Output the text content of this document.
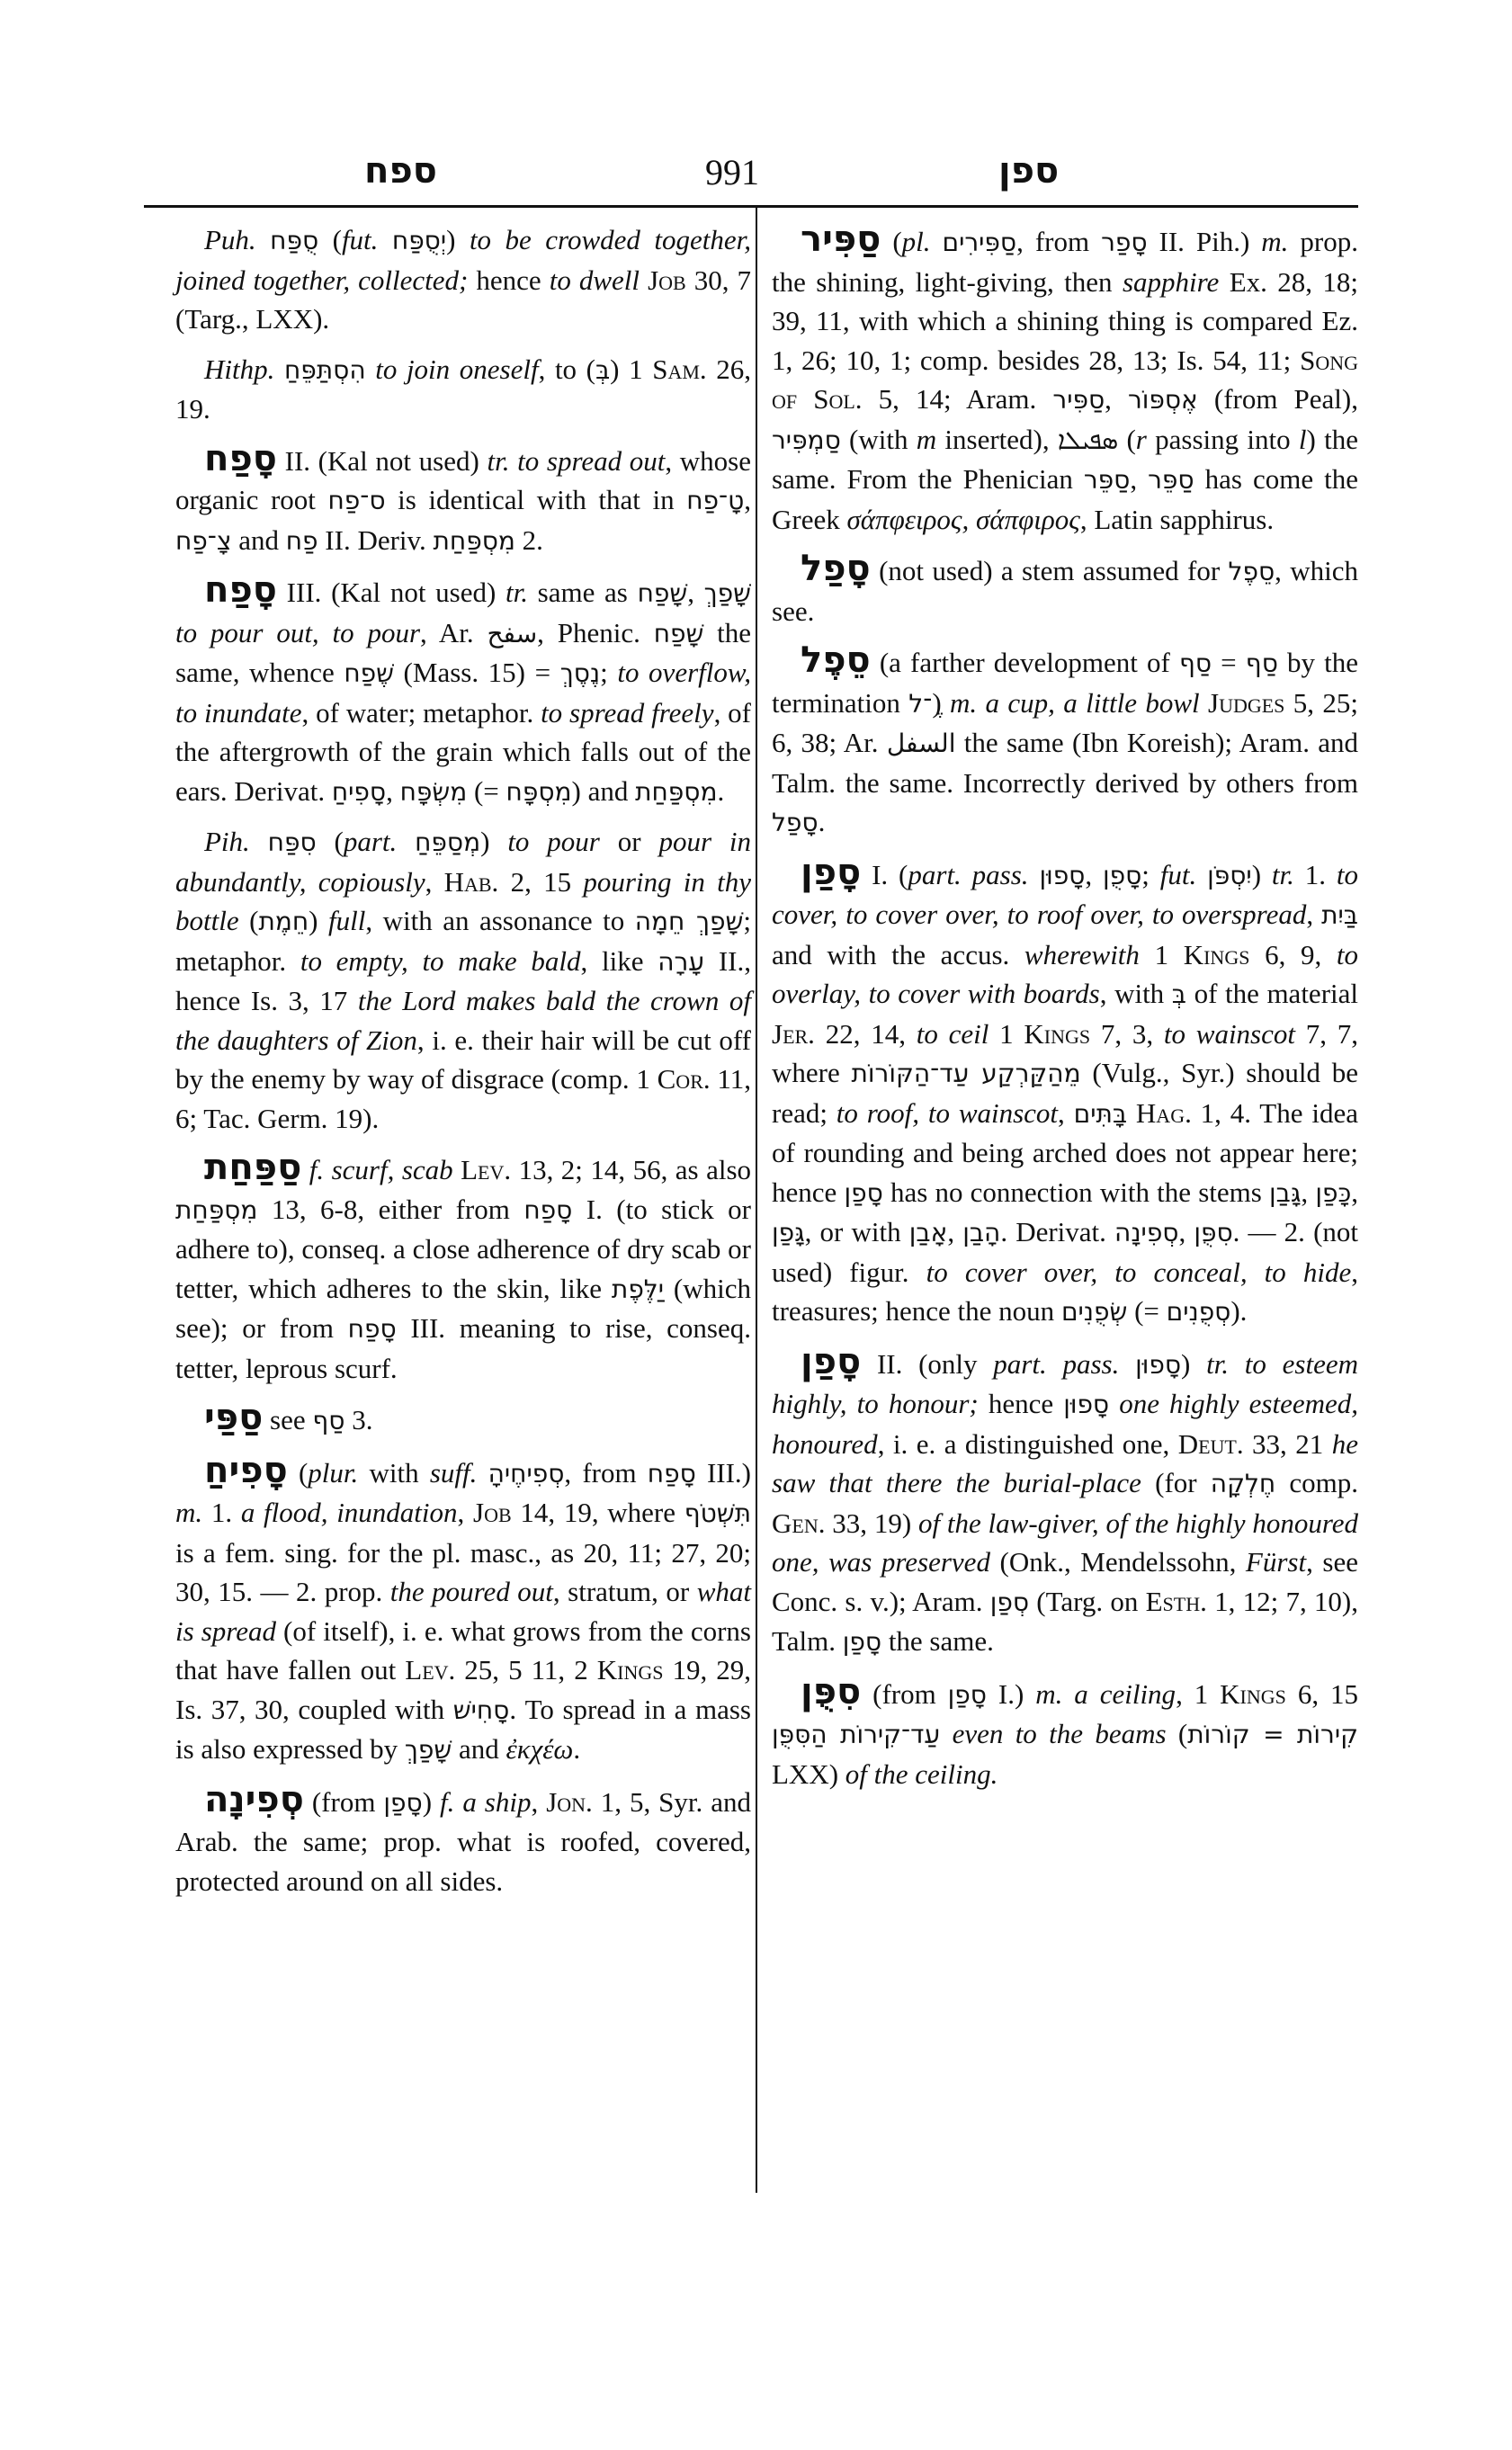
ספח	991	ספן

Puh. סֻפַּח (fut. יְסֻפַּח) to be crowded together, joined together, collected; hence to dwell Job 30, 7 (Targ., LXX).

Hithp. הִסְתַּפֵּחַ to join oneself, to (בְּ) 1 Sam. 26, 19.

סָפַח II. (Kal not used) tr. to spread out, whose organic root ס־פַח is identical with that in טָ־פַח, צָ־פַח and פַח II. Deriv. מִסְפַּחַת 2.

סָפַח III. (Kal not used) tr. same as שָׁפַח, שָׁפַךְ to pour out, to pour, Ar. سفح, Phenic. שָׁפַח the same, whence שֶׁפַח (Mass. 15) = נֶסֶךְ; to overflow, to inundate, of water; metaphor. to spread freely, of the aftergrowth of the grain which falls out of the ears. Derivat. סָפִיחַ, מִשְׂפָּח (= מִסְפָּח) and מִסְפַּחַת.

Pih. סִפַּח (part. מְסַפֵּחַ) to pour or pour in abundantly, copiously, Hab. 2, 15 pouring in thy bottle (חֵמֶת) full, with an assonance to שָׁפַךְ חֵמָה; metaphor. to empty, to make bald, like עָרָה II., hence Is. 3, 17 the Lord makes bald the crown of the daughters of Zion, i. e. their hair will be cut off by the enemy by way of disgrace (comp. 1 Cor. 11, 6; Tac. Germ. 19).

סַפַּחַת f. scurf, scab Lev. 13, 2; 14, 56, as also מִסְפַּחַת 13, 6-8, either from סָפַח I. (to stick or adhere to), conseq. a close adherence of dry scab or tetter, which adheres to the skin, like יַלֶּפֶת (which see); or from סָפַח III. meaning to rise, conseq. tetter, leprous scurf.

סַפַּי see סַף 3.

סָפִיחַ (plur. with suff. סְפִיחֶיהָ, from סָפַח III.) m. 1. a flood, inundation, Job 14, 19, where תִּשְׁטֹף is a fem. sing. for the pl. masc., as 20, 11; 27, 20; 30, 15. — 2. prop. the poured out, stratum, or what is spread (of itself), i. e. what grows from the corns that have fallen out Lev. 25, 5 11, 2 Kings 19, 29, Is. 37, 30, coupled with סָחִישׁ. To spread in a mass is also expressed by שָׁפַךְ and ἐκχέω.

סְפִינָה (from סָפַן) f. a ship, Jon. 1, 5, Syr. and Arab. the same; prop. what is roofed, covered, protected around on all sides.

סַפִּיר (pl. סַפִּירִים, from סָפַר II. Pih.) m. prop. the shining, light-giving, then sapphire Ex. 28, 18; 39, 11, with which a shining thing is compared Ez. 1, 26; 10, 1; comp. besides 28, 13; Is. 54, 11; Song of Sol. 5, 14; Aram. סַפִּיר, אֶסְפּוֹר (from Peal), סַמְפִּיר (with m inserted), ܣܦܝܠܐ (r passing into l) the same. From the Phenician סַפֵּר, סַפֵּר has come the Greek σάπφειρος, σάπφιρος, Latin sapphirus.

סָפַל (not used) a stem assumed for סֵפֶל, which see.

סֵפֶל (a farther development of סַף = סַף by the termination ֶ־ל) m. a cup, a little bowl Judges 5, 25; 6, 38; Ar. السفل the same (Ibn Koreish); Aram. and Talm. the same. Incorrectly derived by others from סָפַל.

סָפַן I. (part. pass. סָפוּן, סָפֻן; fut. יִסְפֹּן) tr. 1. to cover, to cover over, to roof over, to overspread, בַּיִת and with the accus. wherewith 1 Kings 6, 9, to overlay, to cover with boards, with בְּ of the material Jer. 22, 14, to ceil 1 Kings 7, 3, to wainscot 7, 7, where מֵהַקַּרְקַע עַד־הַקּוֹרוֹת (Vulg., Syr.) should be read; to roof, to wainscot, בָּתִּים Hag. 1, 4. The idea of rounding and being arched does not appear here; hence סָפַן has no connection with the stems גָּבַן, כָּפַן, גָּפַן, or with אָבַן, הָבַן. Derivat. סְפִינָה, סִפֻּן. — 2. (not used) figur. to cover over, to conceal, to hide, treasures; hence the noun שְׂפֻנִים (= סְפֻנִים).

סָפַן II. (only part. pass. סָפוּן) tr. to esteem highly, to honour; hence סָפוּן one highly esteemed, honoured, i. e. a distinguished one, Deut. 33, 21 he saw that there the burial-place (for חֶלְקָה comp. Gen. 33, 19) of the law-giver, of the highly honoured one, was preserved (Onk., Mendelssohn, Fürst, see Conc. s. v.); Aram. סְפַן (Targ. on Esth. 1, 12; 7, 10), Talm. סָפַן the same.

סִפֻּן (from סָפַן I.) m. a ceiling, 1 Kings 6, 15 עַד־קִירוֹת הַסִּפֻּן even to the beams (קִירוֹת = קוֹרוֹת LXX) of the ceiling.
